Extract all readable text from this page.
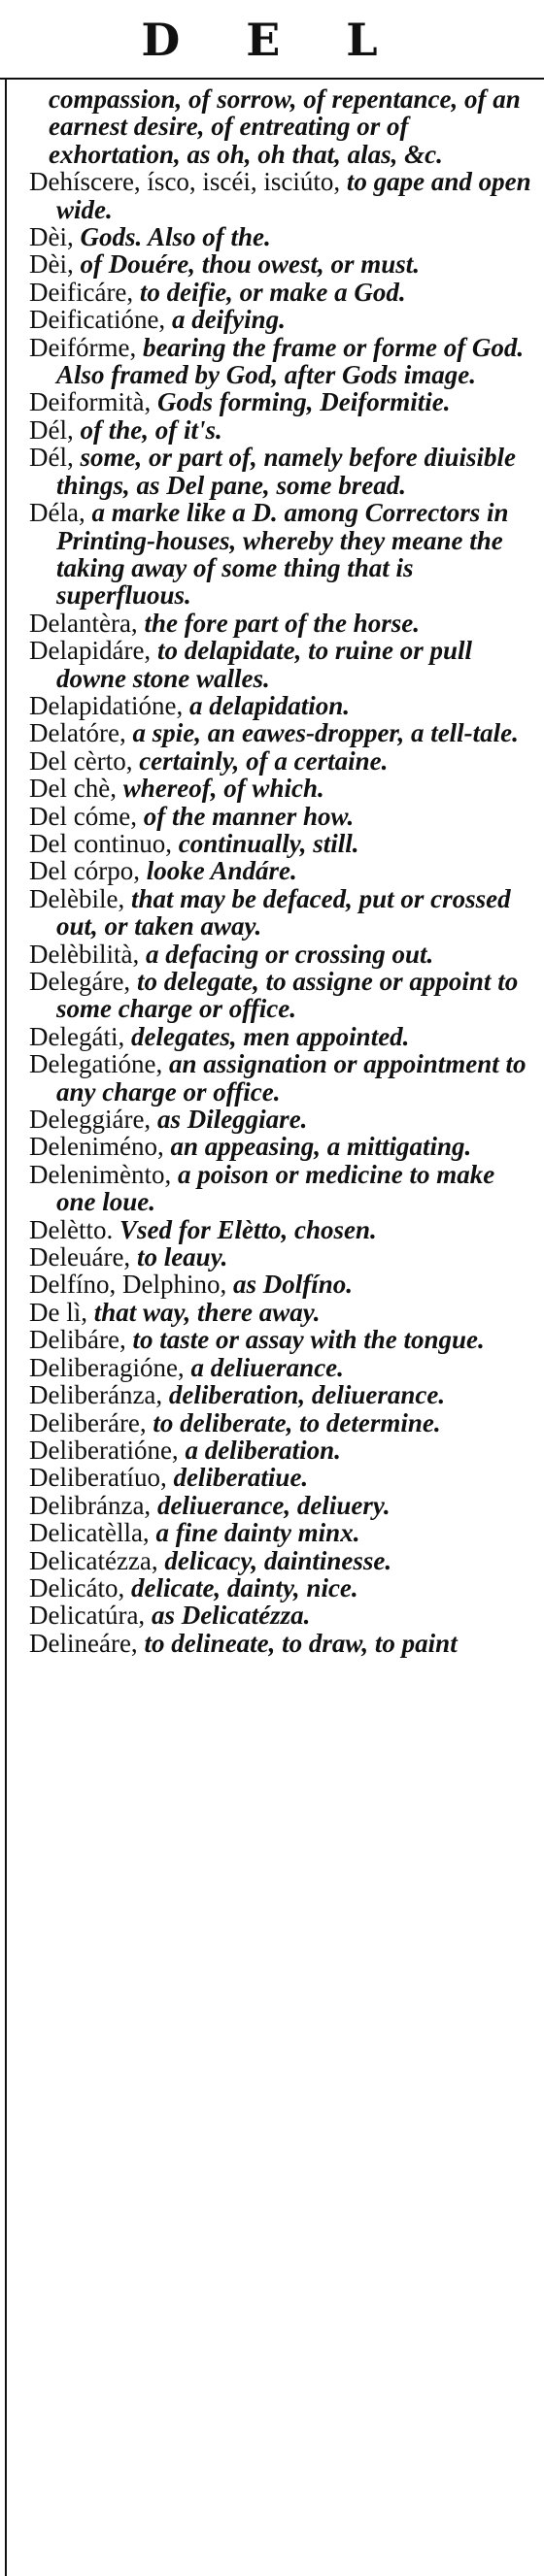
D E L

compassion, of sorrow, of repentance, of an earnest desire, of entreating or of exhortation, as oh, oh that, alas, &c.

Dehíscere, ísco, iscéi, isciúto, to gape and open wide.

Dèi, Gods. Also of the.

Dèi, of Douére, thou owest, or must.

Deificáre, to deifie, or make a God.

Deificatióne, a deifying.

Deifórme, bearing the frame or forme of God. Also framed by God, after Gods image.

Deiformità, Gods forming, Deiformitie.

Dél, of the, of it's.

Dél, some, or part of, namely before diuisible things, as Del pane, some bread.

Déla, a marke like a D. among Correctors in Printing-houses, whereby they meane the taking away of some thing that is superfluous.

Delantèra, the fore part of the horse.

Delapidáre, to delapidate, to ruine or pull downe stone walles.

Delapidatióne, a delapidation.

Delatóre, a spie, an eawes-dropper, a tell-tale.

Del cèrto, certainly, of a certaine.

Del chè, whereof, of which.

Del cóme, of the manner how.

Del continuo, continually, still.

Del córpo, looke Andáre.

Delèbile, that may be defaced, put or crossed out, or taken away.

Delèbilità, a defacing or crossing out.

Delegáre, to delegate, to assigne or appoint to some charge or office.

Delegáti, delegates, men appointed.

Delegatióne, an assignation or appointment to any charge or office.

Deleggiáre, as Dileggiare.

Deleniméno, an appeasing, a mittigating.

Delenimènto, a poison or medicine to make one loue.

Delètto. Vsed for Elètto, chosen.

Deleuáre, to leauy.

Delfíno, Delphino, as Dolfíno.

De lì, that way, there away.

Delibáre, to taste or assay with the tongue.

Deliberagióne, a deliuerance.

Deliberánza, deliberation, deliuerance.

Deliberáre, to deliberate, to determine.

Deliberatióne, a deliberation.

Deliberatíuo, deliberatiue.

Delibránza, deliuerance, deliuery.

Delicatèlla, a fine dainty minx.

Delicatézza, delicacy, daintinesse.

Delicáto, delicate, dainty, nice.

Delicatúra, as Delicatézza.

Delineáre, to delineate, to draw, to paint
